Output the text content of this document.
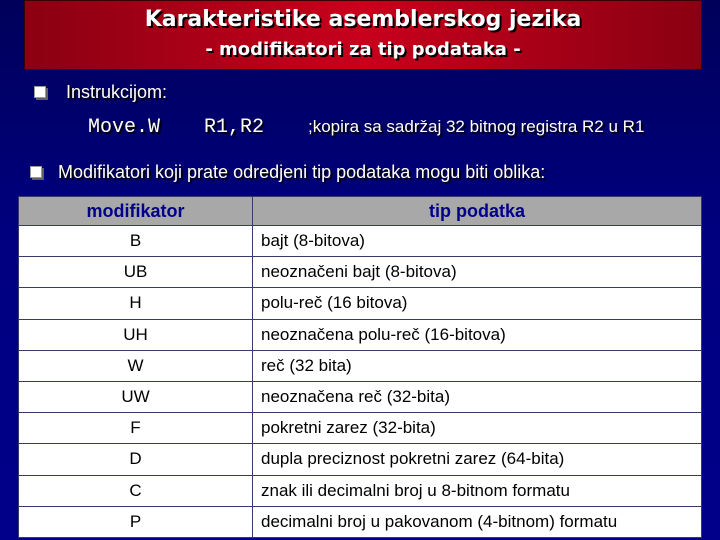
Karakteristike asemblerskog jezika
- modifikatori za tip podataka -
Instrukcijom:
Move.W R1,R2	;kopira sa sadržaj 32 bitnog registra R2 u R1
Modifikatori koji prate odredjeni tip podataka mogu biti oblika:
modifikator	tip podatka
B	bajt (8-bitova)
UB	neoznačeni bajt (8-bitova)
H	polu-reč (16 bitova)
UH	neoznačena polu-reč (16-bitova)
W	reč (32 bita)
UW	neoznačena reč (32-bita)
F	pokretni zarez (32-bita)
D	dupla preciznost pokretni zarez (64-bita)
C	znak ili decimalni broj u 8-bitnom formatu
P	decimalni broj u pakovanom (4-bitnom) formatu
